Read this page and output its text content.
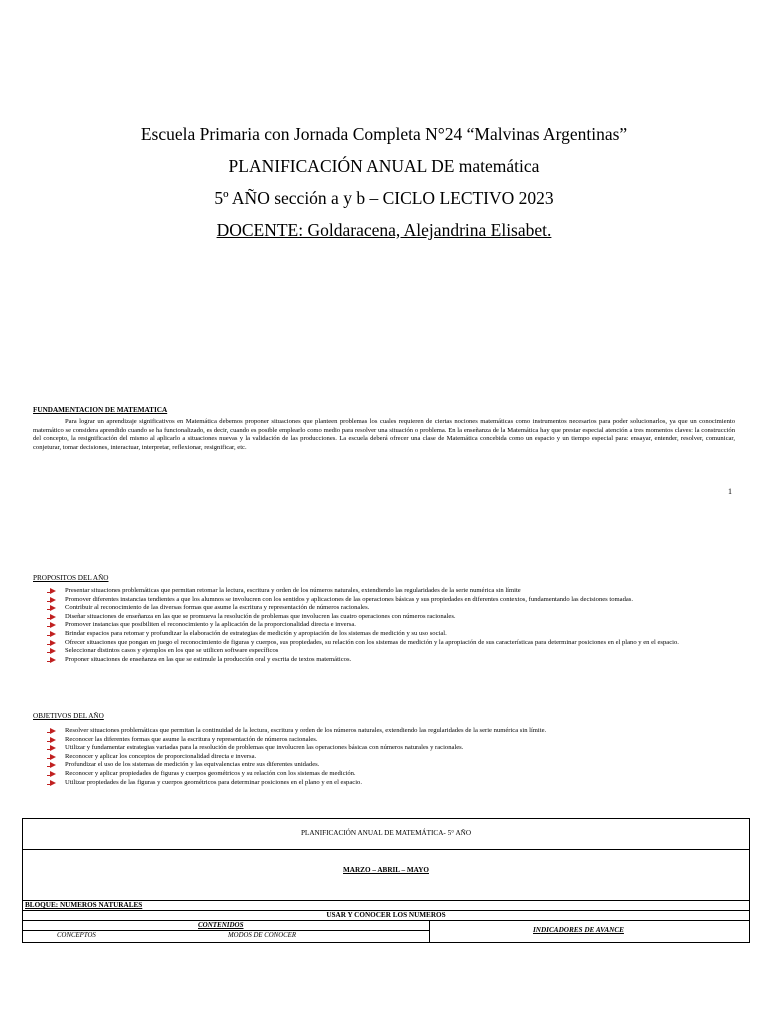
Escuela Primaria con Jornada Completa N°24 “Malvinas Argentinas”
PLANIFICACIÓN ANUAL DE matemática
5º AÑO sección a y b – CICLO LECTIVO 2023
DOCENTE: Goldaracena, Alejandrina Elisabet.
FUNDAMENTACION DE MATEMATICA

Para lograr un aprendizaje significativos en Matemática debemos proponer situaciones que planteen problemas los cuales requieren de ciertas nociones matemáticas como instrumentos necesarios para poder solucionarlos, ya que un conocimiento matemático se considera aprendido cuando se ha funcionalizado, es decir, cuando es posible emplearlo como medio para resolver una situación o problema. En la enseñanza de la Matemática hay que prestar especial atención a tres momentos claves: la construcción del concepto, la resignificación del mismo al aplicarlo a situaciones nuevas y la validación de las producciones. La escuela deberá ofrecer una clase de Matemática concebida como un espacio y un tiempo especial para: ensayar, entender, resolver, comunicar, conjeturar, tomar decisiones, interactuar, interpretar, reflexionar, resignificar, etc.

1
PROPOSITOS DEL AÑO
Presentar situaciones problemáticas que permitan retomar la lectura, escritura y orden de los números naturales, extendiendo las regularidades de la serie numérica sin límite
Promover diferentes instancias tendientes a que los alumnos se involucren con los sentidos y aplicaciones de las operaciones básicas y sus propiedades en diferentes contextos, fundamentando las decisiones tomadas.
Contribuir al reconocimiento de las diversas formas que asume la escritura y representación de números racionales.
Diseñar situaciones de enseñanza en las que se promueva la resolución de problemas que involucren las cuatro operaciones con números racionales.
Promover instancias que posibiliten el reconocimiento y la aplicación de la proporcionalidad directa e inversa.
Brindar espacios para retomar y profundizar la elaboración de estrategias de medición y apropiación de los sistemas de medición y su uso social.
Ofrecer situaciones que pongan en juego el reconocimiento de figuras y cuerpos, sus propiedades, su relación con los sistemas de medición y la apropiación de sus características para determinar posiciones en el plano y en el espacio.
Seleccionar distintos casos y ejemplos en los que se utilicen software específicos
Proponer situaciones de enseñanza en las que se estimule la producción oral y escrita de textos matemáticos.
OBJETIVOS DEL AÑO
Resolver situaciones problemáticas que permitan la continuidad de la lectura, escritura y orden de los números naturales, extendiendo las regularidades de la serie numérica sin límite.
Reconocer las diferentes formas que asume la escritura y representación de números racionales.
Utilizar y fundamentar estrategias variadas para la resolución de problemas que involucren las operaciones básicas con números naturales y racionales.
Reconocer y aplicar los conceptos de proporcionalidad directa e inversa.
Profundizar el uso de los sistemas de medición y las equivalencias entre sus diferentes unidades.
Reconocer y aplicar propiedades de figuras y cuerpos geométricos y su relación con los sistemas de medición.
Utilizar propiedades de las figuras y cuerpos geométricos para determinar posiciones en el plano y en el espacio.
PLANIFICACIÓN ANUAL DE MATEMÁTICA- 5° AÑO
MARZO – ABRIL – MAYO
BLOQUE: NUMEROS NATURALES
USAR Y CONOCER LOS NUMEROS
CONTENIDOS
INDICADORES DE AVANCE
CONCEPTOS	MODOS DE CONOCER
